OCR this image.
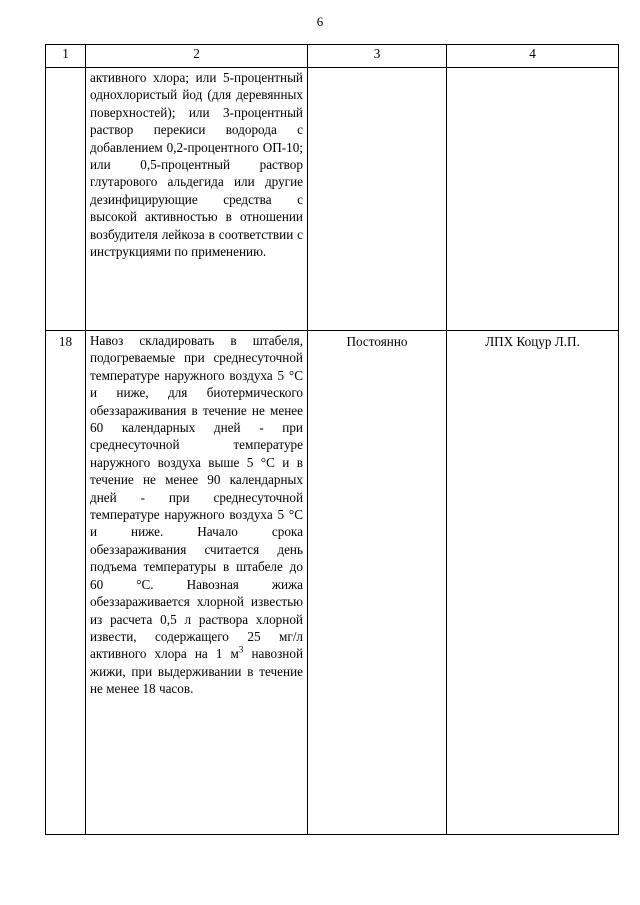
6
1	2	3	4

	активного хлора; или 5-процентный однохлористый йод (для деревянных поверхностей); или 3-процентный раствор перекиси водорода с добавлением 0,2-процентного ОП-10; или 0,5-процентный раствор глутарового альдегида или другие дезинфицирующие средства с высокой активностью в отношении возбудителя лейкоза в соответствии с инструкциями по применению.		

18	Навоз складировать в штабеля, подогреваемые при среднесуточной температуре наружного воздуха 5 °С и ниже, для биотермического обеззараживания в течение не менее 60 календарных дней - при среднесуточной температуре наружного воздуха выше 5 °С и в течение не менее 90 календарных дней - при среднесуточной температуре наружного воздуха 5 °С и ниже. Начало срока обеззараживания считается день подъема температуры в штабеле до 60 °С. Навозная жижа обеззараживается хлорной известью из расчета 0,5 л раствора хлорной извести, содержащего 25 мг/л активного хлора на 1 $м^3$ навозной жижи, при выдерживании в течение не менее 18 часов.	Постоянно	ЛПХ Коцур Л.П.
